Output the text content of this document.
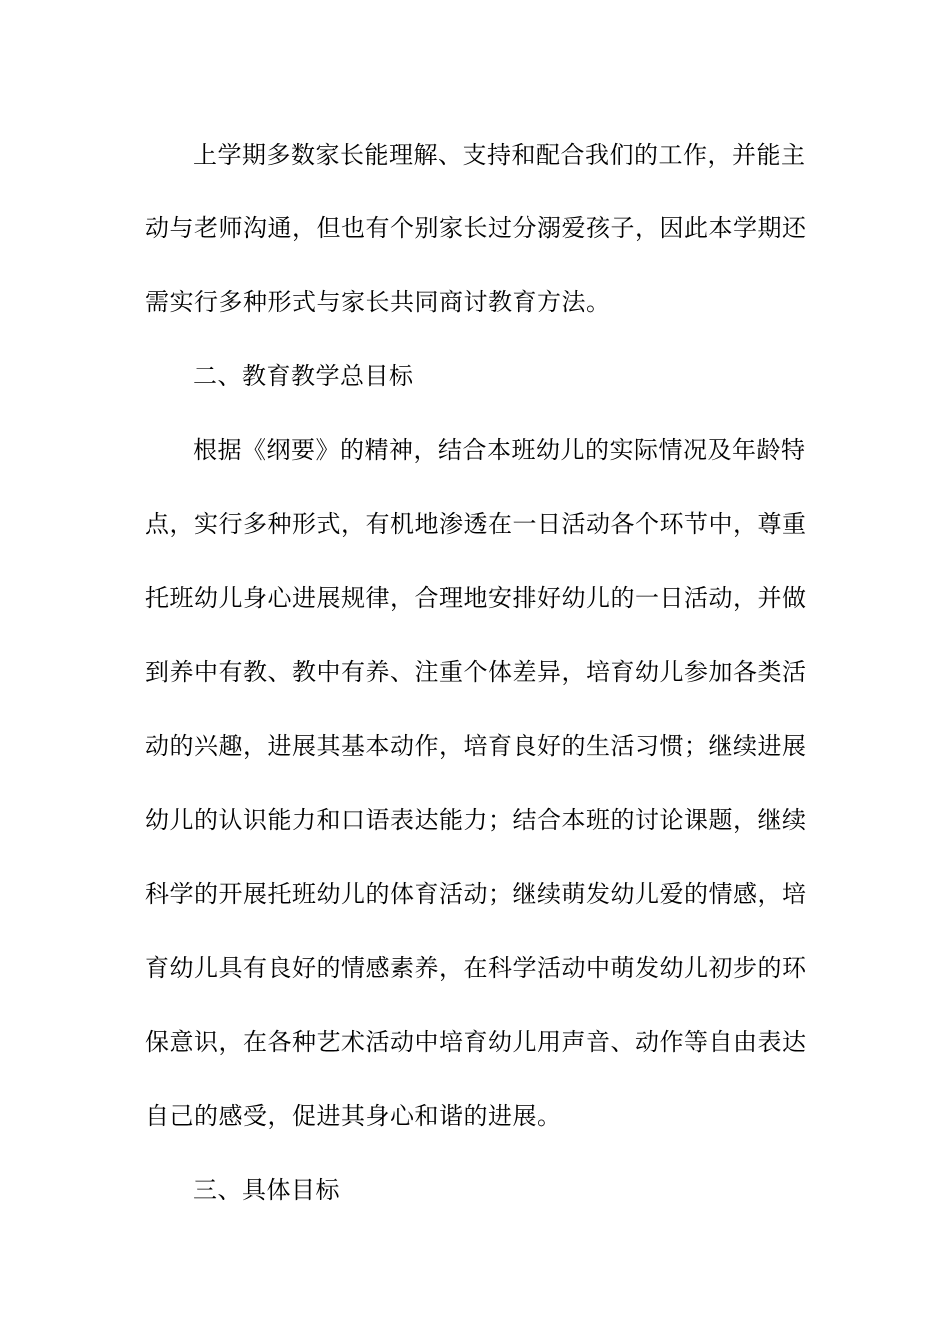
上学期多数家长能理解、支持和配合我们的工作，并能主
动与老师沟通，但也有个别家长过分溺爱孩子，因此本学期还
需实行多种形式与家长共同商讨教育方法。
二、教育教学总目标
根据《纲要》的精神，结合本班幼儿的实际情况及年龄特
点，实行多种形式，有机地渗透在一日活动各个环节中，尊重
托班幼儿身心进展规律，合理地安排好幼儿的一日活动，并做
到养中有教、教中有养、注重个体差异，培育幼儿参加各类活
动的兴趣，进展其基本动作，培育良好的生活习惯；继续进展
幼儿的认识能力和口语表达能力；结合本班的讨论课题，继续
科学的开展托班幼儿的体育活动；继续萌发幼儿爱的情感，培
育幼儿具有良好的情感素养，在科学活动中萌发幼儿初步的环
保意识，在各种艺术活动中培育幼儿用声音、动作等自由表达
自己的感受，促进其身心和谐的进展。
三、具体目标
